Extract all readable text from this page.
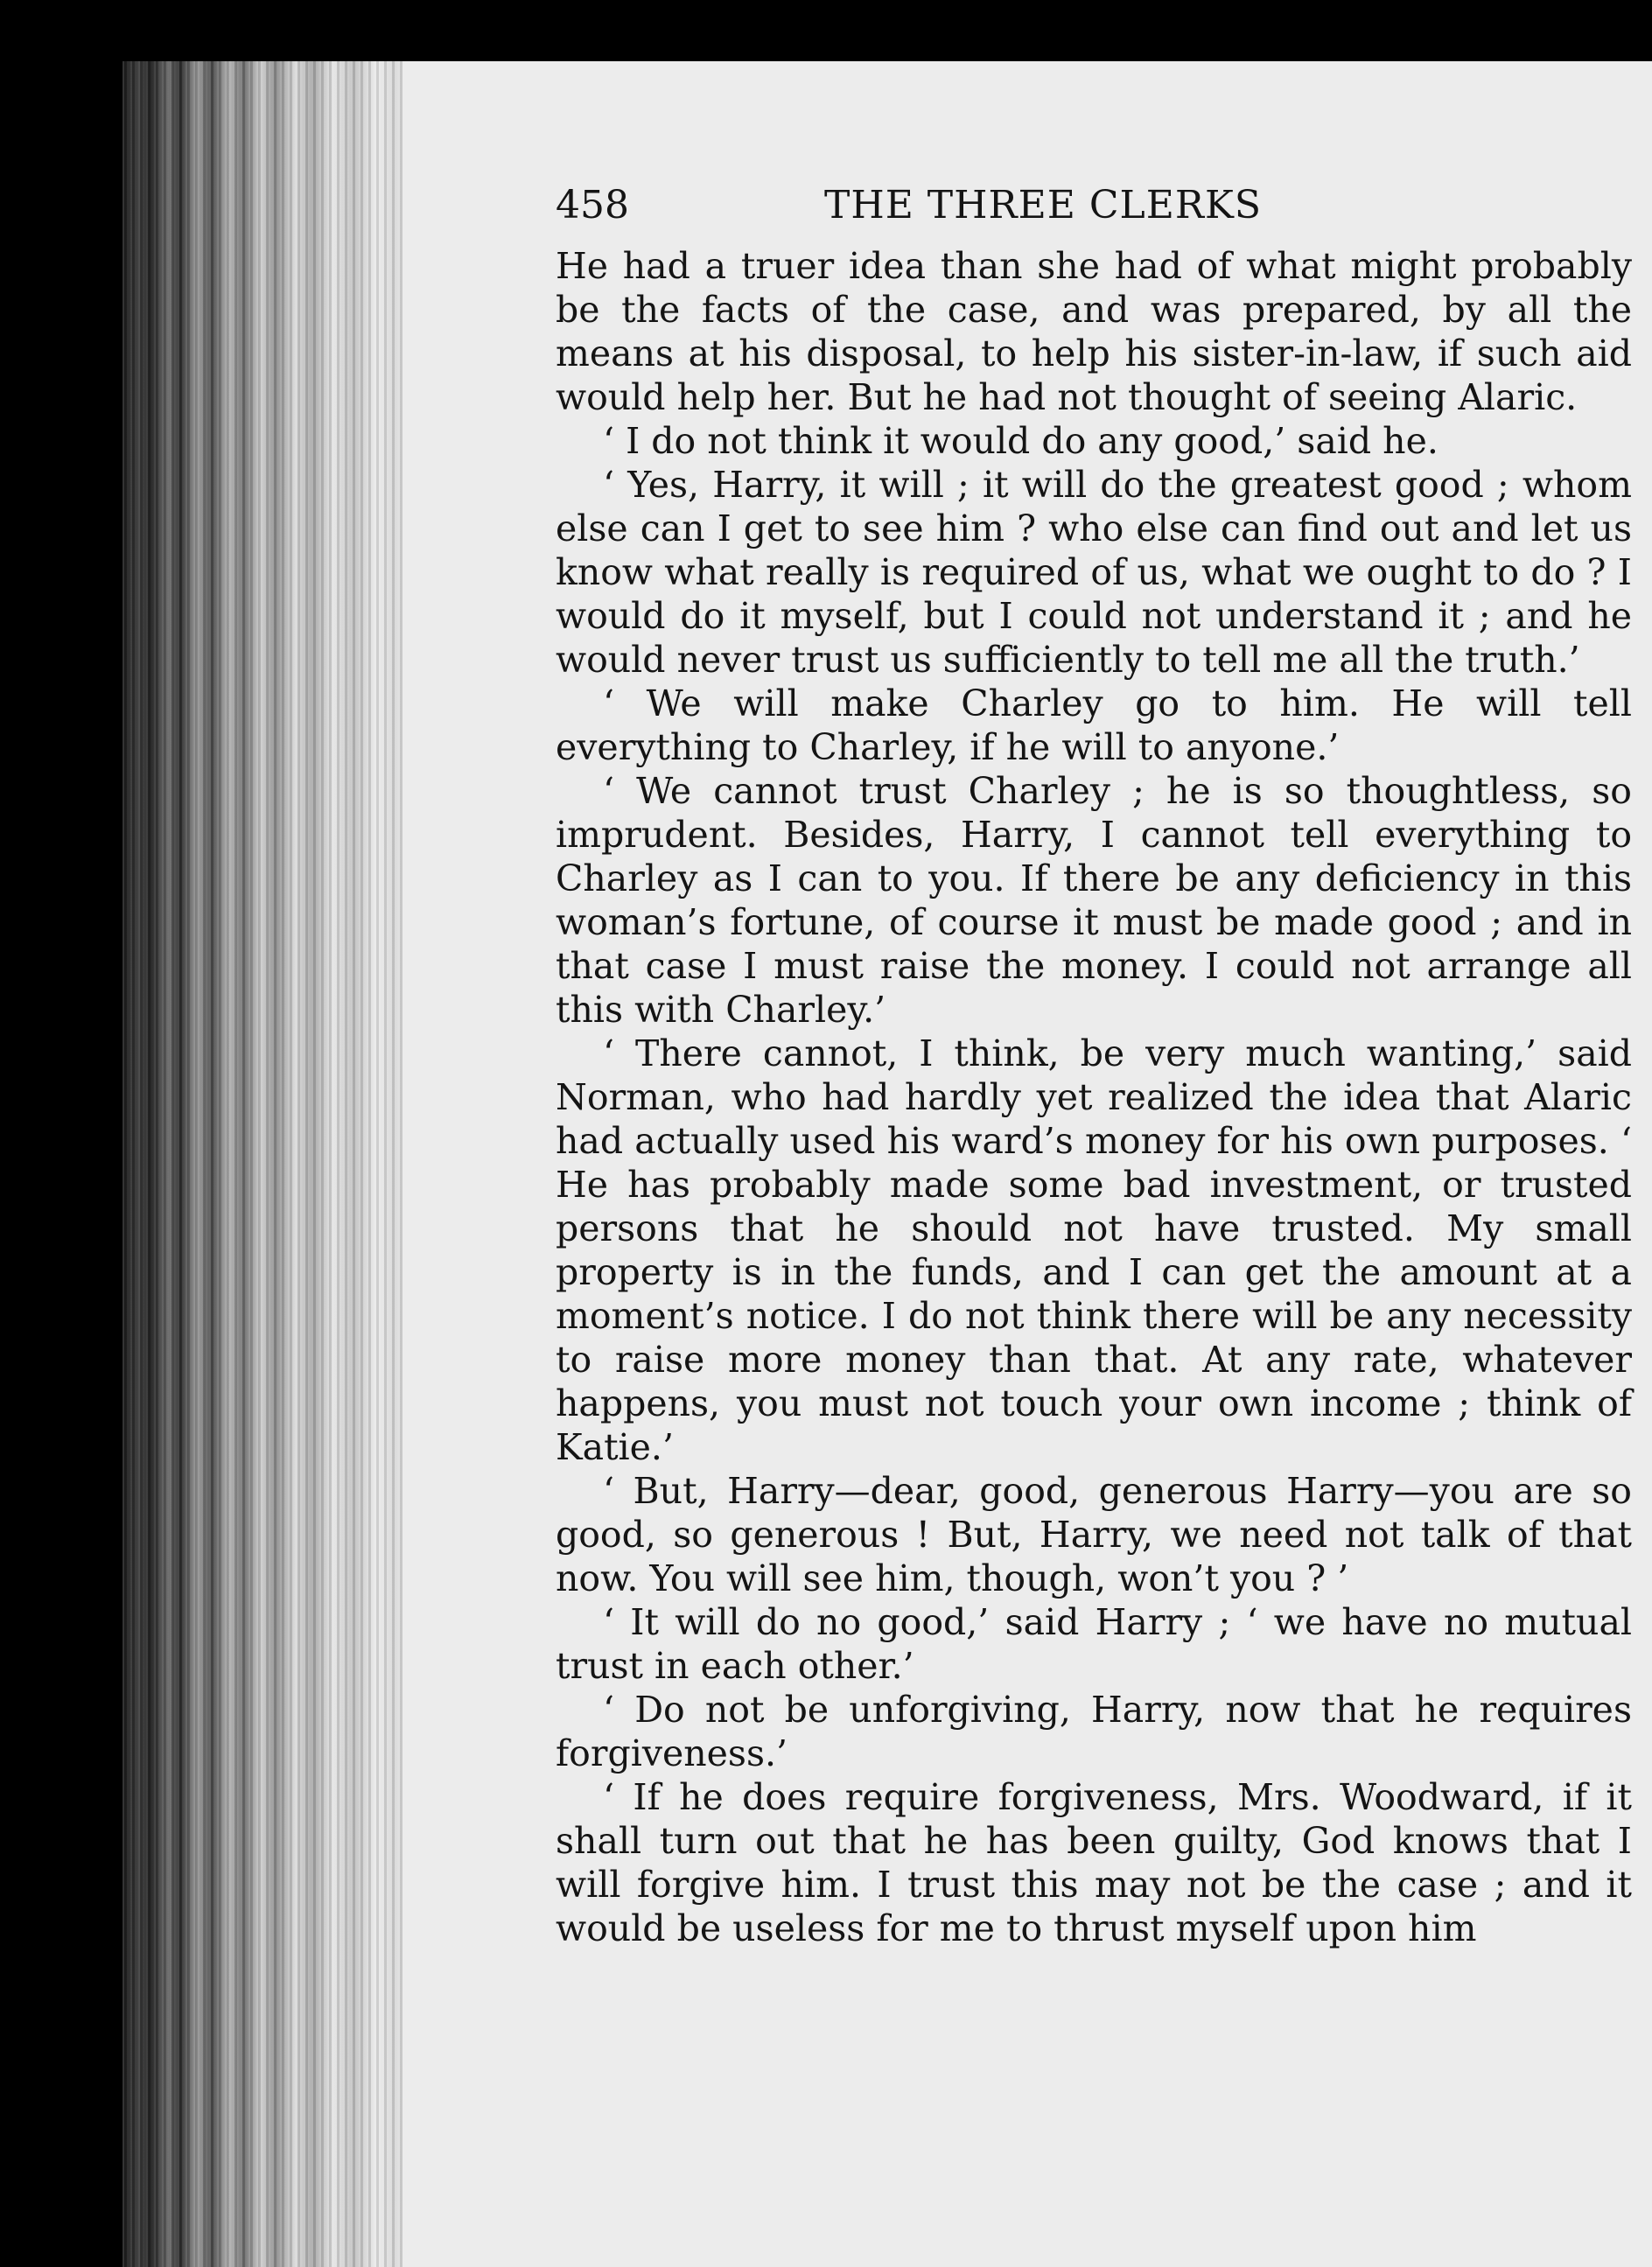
458	THE THREE CLERKS

He had a truer idea than she had of what might probably be the facts of the case, and was prepared, by all the means at his disposal, to help his sister-in-law, if such aid would help her. But he had not thought of seeing Alaric.

‘ I do not think it would do any good,’ said he.

‘ Yes, Harry, it will ; it will do the greatest good ; whom else can I get to see him ? who else can find out and let us know what really is required of us, what we ought to do ? I would do it myself, but I could not understand it ; and he would never trust us sufficiently to tell me all the truth.’

‘ We will make Charley go to him. He will tell everything to Charley, if he will to anyone.’

‘ We cannot trust Charley ; he is so thoughtless, so imprudent. Besides, Harry, I cannot tell everything to Charley as I can to you. If there be any deficiency in this woman’s fortune, of course it must be made good ; and in that case I must raise the money. I could not arrange all this with Charley.’

‘ There cannot, I think, be very much wanting,’ said Norman, who had hardly yet realized the idea that Alaric had actually used his ward’s money for his own purposes. ‘ He has probably made some bad investment, or trusted persons that he should not have trusted. My small property is in the funds, and I can get the amount at a moment’s notice. I do not think there will be any necessity to raise more money than that. At any rate, whatever happens, you must not touch your own income ; think of Katie.’

‘ But, Harry—dear, good, generous Harry—you are so good, so generous ! But, Harry, we need not talk of that now. You will see him, though, won’t you ? ’

‘ It will do no good,’ said Harry ; ‘ we have no mutual trust in each other.’

‘ Do not be unforgiving, Harry, now that he requires forgiveness.’

‘ If he does require forgiveness, Mrs. Woodward, if it shall turn out that he has been guilty, God knows that I will forgive him. I trust this may not be the case ; and it would be useless for me to thrust myself upon him
